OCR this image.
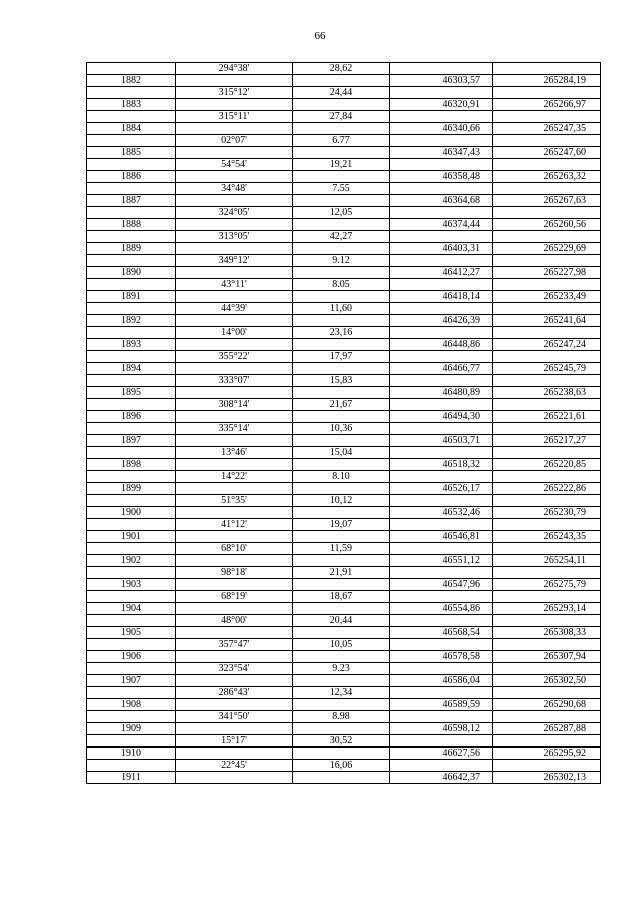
66
	294°38'	28,62		
1882			46303,57	265284,19
	315°12'	24,44		
1883			46320,91	265266,97
	315°11'	27,84		
1884			46340,66	265247,35
	02°07'	6.77		
1885			46347,43	265247,60
	54°54'	19,21		
1886			46358,48	265263,32
	34°48'	7.55		
1887			46364,68	265267,63
	324°05'	12,05		
1888			46374,44	265260,56
	313°05'	42,27		
1889			46403,31	265229,69
	349°12'	9.12		
1890			46412,27	265227,98
	43°11'	8.05		
1891			46418,14	265233,49
	44°39'	11,60		
1892			46426,39	265241,64
	14°00'	23,16		
1893			46448,86	265247,24
	355°22'	17,97		
1894			46466,77	265245,79
	333°07'	15,83		
1895			46480,89	265238,63
	308°14'	21,67		
1896			46494,30	265221,61
	335°14'	10,36		
1897			46503,71	265217,27
	13°46'	15,04		
1898			46518,32	265220,85
	14°22'	8.10		
1899			46526,17	265222,86
	51°35'	10,12		
1900			46532,46	265230,79
	41°12'	19,07		
1901			46546,81	265243,35
	68°10'	11,59		
1902			46551,12	265254,11
	98°18'	21,91		
1903			46547,96	265275,79
	68°19'	18,67		
1904			46554,86	265293,14
	48°00'	20,44		
1905			46568,54	265308,33
	357°47'	10,05		
1906			46578,58	265307,94
	323°54'	9.23		
1907			46586,04	265302,50
	286°43'	12,34		
1908			46589,59	265290,68
	341°50'	8.98		
1909			46598,12	265287,88
	15°17'	30,52		
1910			46627,56	265295,92
	22°45'	16,06		
1911			46642,37	265302,13
